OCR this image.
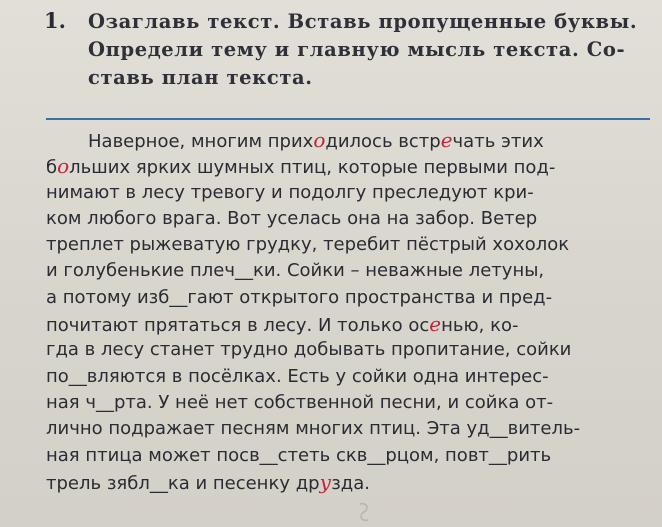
1. Озаглавь текст. Вставь пропущенные буквы.
Определи тему и главную мысль текста. Со-
ставь план текста.
Наверное, многим приходилось встречать этих
больших ярких шумных птиц, которые первыми под-
нимают в лесу тревогу и подолгу преследуют кри-
ком любого врага. Вот уселась она на забор. Ветер
треплет рыжеватую грудку, теребит пёстрый хохолок
и голубенькие плеч__ки. Сойки – неважные летуны,
а потому изб__гают открытого пространства и пред-
почитают прятаться в лесу. И только осенью, ко-
гда в лесу станет трудно добывать пропитание, сойки
по__вляются в посёлках. Есть у сойки одна интерес-
ная ч__рта. У неё нет собственной песни, и сойка от-
лично подражает песням многих птиц. Эта уд__витель-
ная птица может посв__стеть скв__рцом, повт__рить
трель зябл__ка и песенку друзда.
